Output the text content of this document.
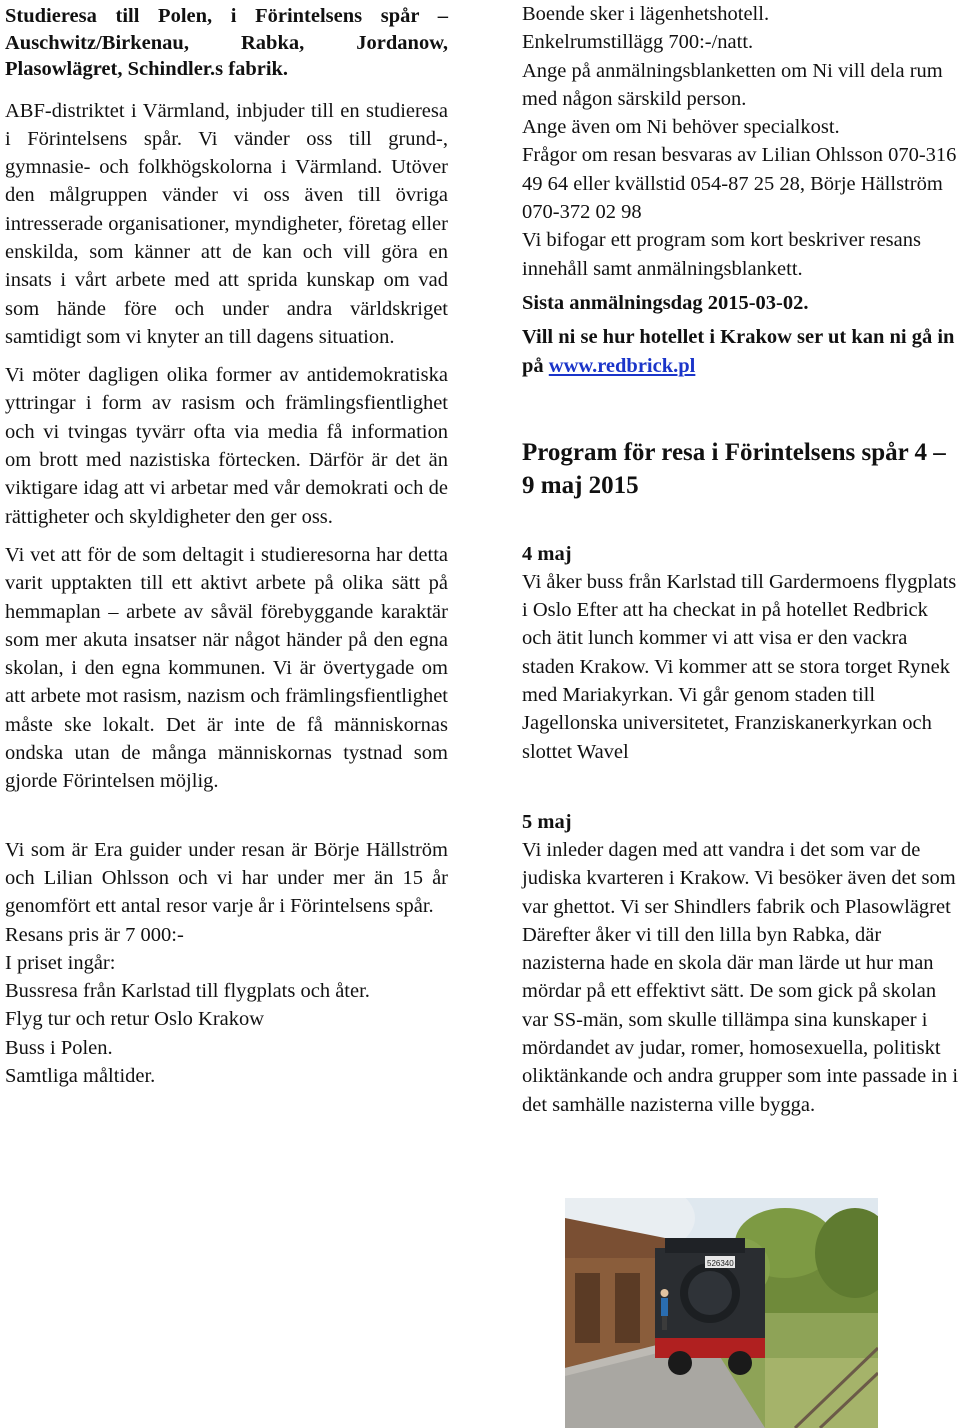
Studieresa till Polen, i Förintelsens spår – Auschwitz/Birkenau, Rabka, Jordanow, Plasowlägret, Schindler.s fabrik.

ABF-distriktet i Värmland, inbjuder till en studieresa i Förintelsens spår. Vi vänder oss till grund-, gymnasie- och folkhögskolorna i Värmland. Utöver den målgruppen vänder vi oss även till övriga intresserade organisationer, myndigheter, företag eller enskilda, som känner att de kan och vill göra en insats i vårt arbete med att sprida kunskap om vad som hände före och under andra världskriget samtidigt som vi knyter an till dagens situation.

Vi möter dagligen olika former av antidemokratiska yttringar i form av rasism och främlingsfientlighet och vi tvingas tyvärr ofta via media få information om brott med nazistiska förtecken. Därför är det än viktigare idag att vi arbetar med vår demokrati och de rättigheter och skyldigheter den ger oss.

Vi vet att för de som deltagit i studieresorna har detta varit upptakten till ett aktivt arbete på olika sätt på hemmaplan – arbete av såväl förebyggande karaktär som mer akuta insatser när något händer på den egna skolan, i den egna kommunen. Vi är övertygade om att arbete mot rasism, nazism och främlingsfientlighet måste ske lokalt. Det är inte de få människornas ondska utan de många människornas tystnad som gjorde Förintelsen möjlig.

Vi som är Era guider under resan är Börje Hällström och Lilian Ohlsson och vi har under mer än 15 år genomfört ett antal resor varje år i Förintelsens spår.

Resans pris är 7 000:-

I priset ingår:

Bussresa från Karlstad till flygplats och åter.

Flyg tur och retur Oslo Krakow

Buss i Polen.

Samtliga måltider.

Boende sker i lägenhetshotell.

Enkelrumstillägg 700:-/natt.

Ange på anmälningsblanketten om Ni vill dela rum med någon särskild person.

Ange även om Ni behöver specialkost.

Frågor om resan besvaras av Lilian Ohlsson 070-316 49 64 eller kvällstid 054-87 25 28, Börje Hällström 070-372 02 98

Vi bifogar ett program som kort beskriver resans innehåll samt anmälningsblankett.

Sista anmälningsdag 2015-03-02.

Vill ni se hur hotellet i Krakow ser ut kan ni gå in på www.redbrick.pl

Program för resa i Förintelsens spår 4 – 9 maj 2015

4 maj

Vi åker buss från Karlstad till Gardermoens flygplats i Oslo Efter att ha checkat in på hotellet Redbrick och ätit lunch kommer vi att visa er den vackra staden Krakow. Vi kommer att se stora torget Rynek med Mariakyrkan. Vi går genom staden till Jagellonska universitetet, Franziskanerkyrkan och slottet Wavel

5 maj

Vi inleder dagen med att vandra i det som var de judiska kvarteren i Krakow. Vi besöker även det som var ghettot. Vi ser Shindlers fabrik och Plasowlägret Därefter åker vi till den lilla byn Rabka, där nazisterna hade en skola där man lärde ut hur man mördar på ett effektivt sätt. De som gick på skolan var SS-män, som skulle tillämpa sina kunskaper i mördandet av judar, romer, homosexuella, politiskt oliktänkande och andra grupper som inte passade in i det samhälle nazisterna ville bygga.

526340
